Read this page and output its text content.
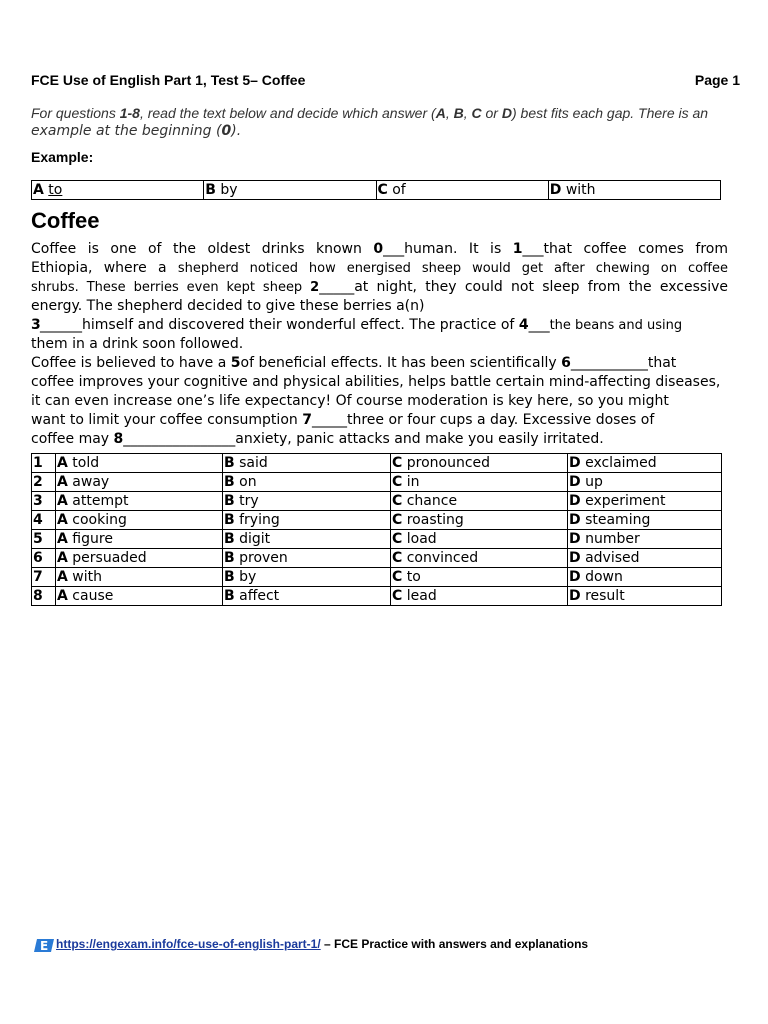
FCE Use of English Part 1, Test 5– Coffee	Page 1
For questions 1-8, read the text below and decide which answer (A, B, C or D) best fits each gap. There is an
example at the beginning (0).
Example:
A to	B by	C of	D with
Coffee
Coffee is one of the oldest drinks known 0___human. It is 1___that coffee comes from
Ethiopia, where a shepherd noticed how energised sheep would get after chewing on coffee
shrubs. These berries even kept sheep 2_____at night, they could not sleep from the excessive
energy. The shepherd decided to give these berries a(n)
3 ______himself and discovered their wonderful effect. The practice of 4___the beans and using
them in a drink soon followed.
Coffee is believed to have a 5of beneficial effects. It has been scientifically 6___________that
coffee improves your cognitive and physical abilities, helps battle certain mind-affecting diseases,
it can even increase one’s life expectancy! Of course moderation is key here, so you might
want to limit your coffee consumption 7_____three or four cups a day. Excessive doses of
coffee may 8________________anxiety, panic attacks and make you easily irritated.
1	A told	B said	C pronounced	D exclaimed
2	A away	B on	C in	D up
3	A attempt	B try	C chance	D experiment
4	A cooking	B frying	C roasting	D steaming
5	A figure	B digit	C load	D number
6	A persuaded	B proven	C convinced	D advised
7	A with	B by	C to	D down
8	A cause	B affect	C lead	D result
E https://engexam.info/fce-use-of-english-part-1/ – FCE Practice with answers and explanations
